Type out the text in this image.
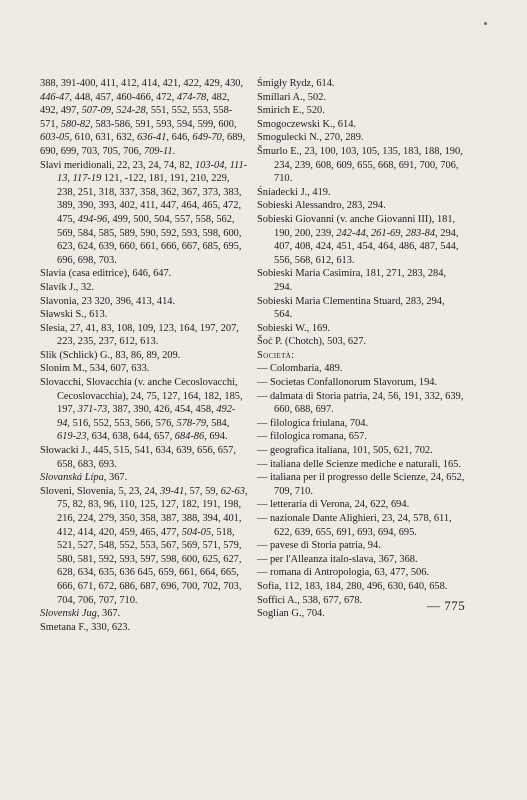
388, 391-400, 411, 412, 414, 421, 422, 429, 430, 446-47, 448, 457, 460-466, 472, 474-78, 482, 492, 497, 507-09, 524-28, 551, 552, 553, 558-571, 580-82, 583-586, 591, 593, 594, 599, 600, 603-05, 610, 631, 632, 636-41, 646, 649-70, 689, 690, 699, 703, 705, 706, 709-11.

Slavi meridionali, 22, 23, 24, 74, 82, 103-04, 111-13, 117-19 121, -122, 181, 191, 210, 229, 238, 251, 318, 337, 358, 362, 367, 373, 383, 389, 390, 393, 402, 411, 447, 464, 465, 472, 475, 494-96, 499, 500, 504, 557, 558, 562, 569, 584, 585, 589, 590, 592, 593, 598, 600, 623, 624, 639, 660, 661, 666, 667, 685, 695, 696, 698, 703.

Slavia (casa editrice), 646, 647.

Slavík J., 32.

Slavonia, 23 320, 396, 413, 414.

Sławski S., 613.

Slesia, 27, 41, 83, 108, 109, 123, 164, 197, 207, 223, 235, 237, 612, 613.

Slik (Schlick) G., 83, 86, 89, 209.

Slonim M., 534, 607, 633.

Slovacchi, Slovacchia (v. anche Cecoslovacchi, Cecoslovacchia), 24, 75, 127, 164, 182, 185, 197, 371-73, 387, 390, 426, 454, 458, 492-94, 516, 552, 553, 566, 576, 578-79, 584, 619-23, 634, 638, 644, 657, 684-86, 694.

Słowacki J., 445, 515, 541, 634, 639, 656, 657, 658, 683, 693.

Slovanská Lípa, 367.

Sloveni, Slovenia, 5, 23, 24, 39-41, 57, 59, 62-63, 75, 82, 83, 96, 110, 125, 127, 182, 191, 198, 216, 224, 279, 350, 358, 387, 388, 394, 401, 412, 414, 420, 459, 465, 477, 504-05, 518, 521, 527, 548, 552, 553, 567, 569, 571, 579, 580, 581, 592, 593, 597, 598, 600, 625, 627, 628, 634, 635, 636 645, 659, 661, 664, 665, 666, 671, 672, 686, 687, 696, 700, 702, 703, 704, 706, 707, 710.

Slovenski Jug, 367.

Smetana F., 330, 623.

Śmigły Rydz, 614.

Smillari A., 502.

Smirich E., 520.

Smogoczewski K., 614.

Smogulecki N., 270, 289.

Šmurlo E., 23, 100, 103, 105, 135, 183, 188, 190, 234, 239, 608, 609, 655, 668, 691, 700, 706, 710.

Śniadecki J., 419.

Sobieski Alessandro, 283, 294.

Sobieski Giovanni (v. anche Giovanni III), 181, 190, 200, 239, 242-44, 261-69, 283-84, 294, 407, 408, 424, 451, 454, 464, 486, 487, 544, 556, 568, 612, 613.

Sobieski Maria Casimira, 181, 271, 283, 284, 294.

Sobieski Maria Clementina Stuard, 283, 294, 564.

Sobieski W., 169.

Šoć P. (Chotch), 503, 627.

Società:

— Colombaria, 489.

— Societas Confallonorum Slavorum, 194.

— dalmata di Storia patria, 24, 56, 191, 332, 639, 660, 688, 697.

— filologica friulana, 704.

— filologica romana, 657.

— geografica italiana, 101, 505, 621, 702.

— italiana delle Scienze mediche e naturali, 165.

— italiana per il progresso delle Scienze, 24, 652, 709, 710.

— letteraria di Verona, 24, 622, 694.

— nazionale Dante Alighieri, 23, 24, 578, 611, 622, 639, 655, 691, 693, 694, 695.

— pavese di Storia patria, 94.

— per l'Alleanza italo-slava, 367, 368.

— romana di Antropologia, 63, 477, 506.

Sofia, 112, 183, 184, 280, 496, 630, 640, 658.

Soffici A., 538, 677, 678.

Soglian G., 704.

— 775
